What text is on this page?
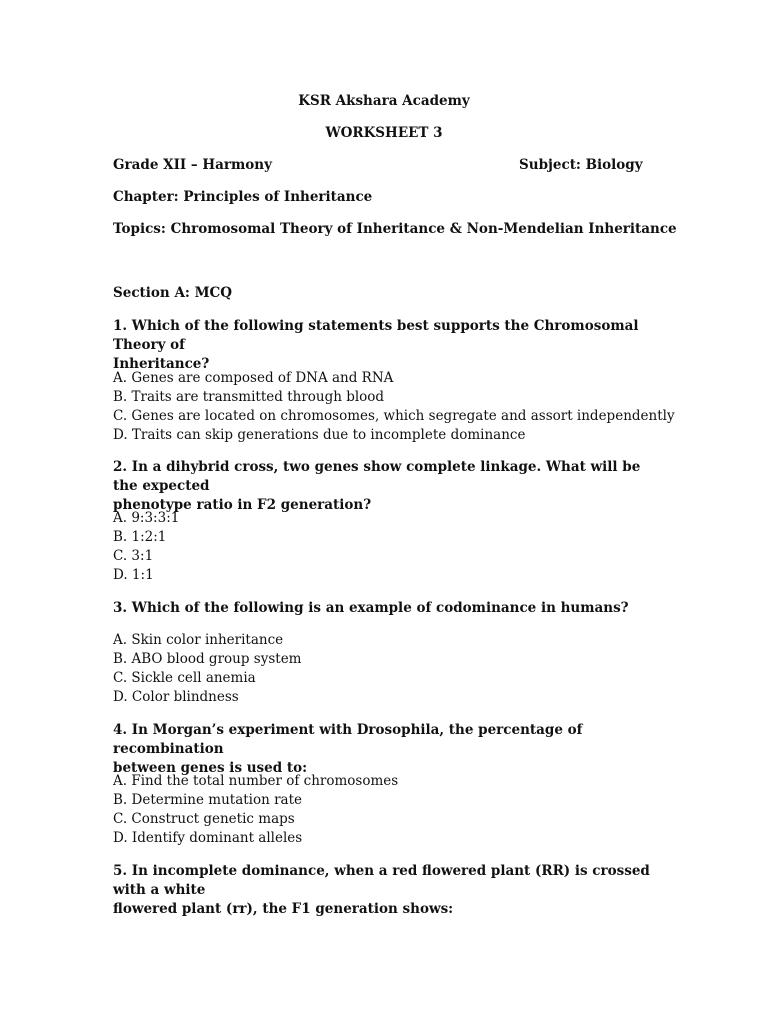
KSR Akshara Academy
WORKSHEET 3
Grade XII – Harmony	Subject: Biology
Chapter: Principles of Inheritance
Topics: Chromosomal Theory of Inheritance & Non-Mendelian Inheritance
Section A: MCQ
1. Which of the following statements best supports the Chromosomal Theory of
Inheritance?
A. Genes are composed of DNA and RNA
B. Traits are transmitted through blood
C. Genes are located on chromosomes, which segregate and assort independently
D. Traits can skip generations due to incomplete dominance
2. In a dihybrid cross, two genes show complete linkage. What will be the expected
phenotype ratio in F2 generation?
A. 9:3:3:1
B. 1:2:1
C. 3:1
D. 1:1
3. Which of the following is an example of codominance in humans?
A. Skin color inheritance
B. ABO blood group system
C. Sickle cell anemia
D. Color blindness
4. In Morgan’s experiment with Drosophila, the percentage of recombination
between genes is used to:
A. Find the total number of chromosomes
B. Determine mutation rate
C. Construct genetic maps
D. Identify dominant alleles
5. In incomplete dominance, when a red flowered plant (RR) is crossed with a white
flowered plant (rr), the F1 generation shows:
